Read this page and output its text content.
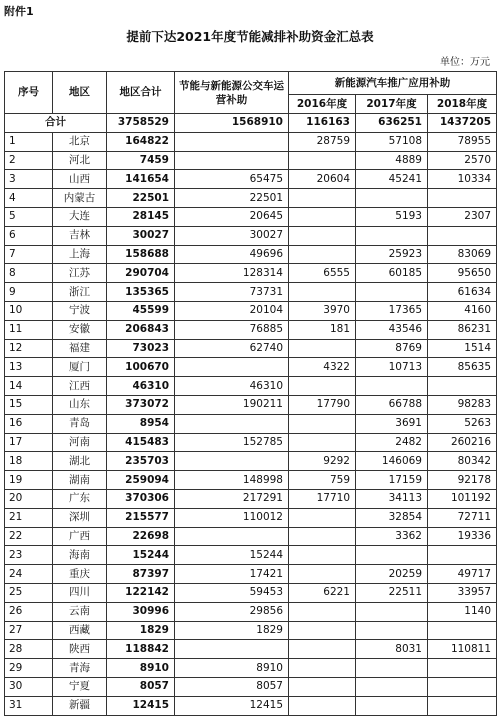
附件1
提前下达2021年度节能减排补助资金汇总表
单位：万元
序号	地区	地区合计	节能与新能源公交车运营补助	新能源汽车推广应用补助		
				2016年度	2017年度	2018年度
合计		3758529	1568910	116163	636251	1437205
1	北京	164822		28759	57108	78955
2	河北	7459			4889	2570
3	山西	141654	65475	20604	45241	10334
4	内蒙古	22501	22501			
5	大连	28145	20645		5193	2307
6	吉林	30027	30027			
7	上海	158688	49696		25923	83069
8	江苏	290704	128314	6555	60185	95650
9	浙江	135365	73731			61634
10	宁波	45599	20104	3970	17365	4160
11	安徽	206843	76885	181	43546	86231
12	福建	73023	62740		8769	1514
13	厦门	100670		4322	10713	85635
14	江西	46310	46310			
15	山东	373072	190211	17790	66788	98283
16	青岛	8954			3691	5263
17	河南	415483	152785		2482	260216
18	湖北	235703		9292	146069	80342
19	湖南	259094	148998	759	17159	92178
20	广东	370306	217291	17710	34113	101192
21	深圳	215577	110012		32854	72711
22	广西	22698			3362	19336
23	海南	15244	15244			
24	重庆	87397	17421		20259	49717
25	四川	122142	59453	6221	22511	33957
26	云南	30996	29856			1140
27	西藏	1829	1829			
28	陕西	118842			8031	110811
29	青海	8910	8910			
30	宁夏	8057	8057			
31	新疆	12415	12415			
